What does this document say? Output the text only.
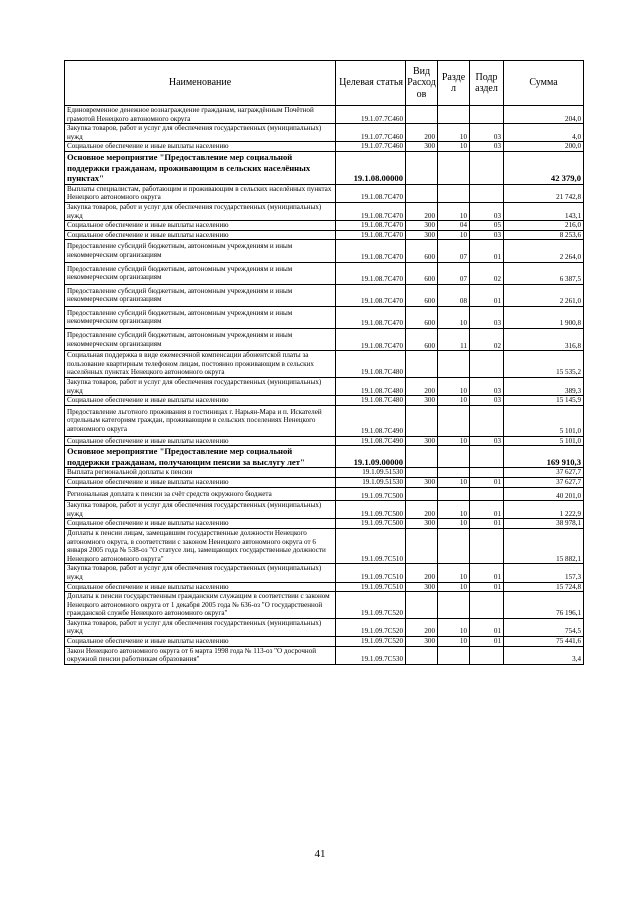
Наименование	Целевая статья	Вид Расход ов	Разде л	Подр аздел	Сумма
Единовременное денежное вознаграждение гражданам, награждённым Почётной грамотой Ненецкого автономного округа	19.1.07.7С460				204,0
Закупка товаров, работ и услуг для обеспечения государственных (муниципальных) нужд	19.1.07.7С460	200	10	03	4,0
Социальное обеспечение и иные выплаты населению	19.1.07.7С460	300	10	03	200,0
Основное мероприятие "Предоставление мер социальной поддержки гражданам, проживающим в сельских населённых пунктах"	19.1.08.00000				42 379,0
Выплаты специалистам, работающим и проживающим в сельских населённых пунктах Ненецкого автономного округа	19.1.08.7С470				21 742,8
Закупка товаров, работ и услуг для обеспечения государственных (муниципальных) нужд	19.1.08.7С470	200	10	03	143,1
Социальное обеспечение и иные выплаты населению	19.1.08.7С470	300	04	05	216,0
Социальное обеспечение и иные выплаты населению	19.1.08.7С470	300	10	03	8 253,6
Предоставление субсидий бюджетным, автономным учреждениям и иным некоммерческим организациям	19.1.08.7С470	600	07	01	2 264,0
Предоставление субсидий бюджетным, автономным учреждениям и иным некоммерческим организациям	19.1.08.7С470	600	07	02	6 387,5
Предоставление субсидий бюджетным, автономным учреждениям и иным некоммерческим организациям	19.1.08.7С470	600	08	01	2 261,0
Предоставление субсидий бюджетным, автономным учреждениям и иным некоммерческим организациям	19.1.08.7С470	600	10	03	1 900,8
Предоставление субсидий бюджетным, автономным учреждениям и иным некоммерческим организациям	19.1.08.7С470	600	11	02	316,8
Социальная поддержка в виде ежемесячной компенсации абонентской платы за пользование квартирным телефоном лицам, постоянно проживающим в сельских населённых пунктах Ненецкого автономного округа	19.1.08.7С480				15 535,2
Закупка товаров, работ и услуг для обеспечения государственных (муниципальных) нужд	19.1.08.7С480	200	10	03	389,3
Социальное обеспечение и иные выплаты населению	19.1.08.7С480	300	10	03	15 145,9
Предоставление льготного проживания в гостиницах г. Нарьян-Мара и п. Искателей отдельным категориям граждан, проживающим в сельских поселениях Ненецкого автономного округа	19.1.08.7С490				5 101,0
Социальное обеспечение и иные выплаты населению	19.1.08.7С490	300	10	03	5 101,0
Основное мероприятие "Предоставление мер социальной поддержки гражданам, получающим пенсии за выслугу лет"	19.1.09.00000				169 910,3
Выплата региональной доплаты к пенсии	19.1.09.51530				37 627,7
Социальное обеспечение и иные выплаты населению	19.1.09.51530	300	10	01	37 627,7
Региональная доплата к пенсии за счёт средств окружного бюджета	19.1.09.7С500				40 201,0
Закупка товаров, работ и услуг для обеспечения государственных (муниципальных) нужд	19.1.09.7С500	200	10	01	1 222,9
Социальное обеспечение и иные выплаты населению	19.1.09.7С500	300	10	01	38 978,1
Доплаты к пенсии лицам, замещавшим государственные должности Ненецкого автономного округа, в соответствии с законом Ненецкого автономного округа от 6 января 2005 года № 538-оз "О статусе лиц, замещающих государственные должности Ненецкого автономного округа"	19.1.09.7С510				15 882,1
Закупка товаров, работ и услуг для обеспечения государственных (муниципальных) нужд	19.1.09.7С510	200	10	01	157,3
Социальное обеспечение и иные выплаты населению	19.1.09.7С510	300	10	01	15 724,8
Доплаты к пенсии государственным гражданским служащим в соответствии с законом Ненецкого автономного округа от 1 декабря 2005 года № 636-оз "О государственной гражданской службе Ненецкого автономного округа"	19.1.09.7С520				76 196,1
Закупка товаров, работ и услуг для обеспечения государственных (муниципальных) нужд	19.1.09.7С520	200	10	01	754,5
Социальное обеспечение и иные выплаты населению	19.1.09.7С520	300	10	01	75 441,6
Закон Ненецкого автономного округа от 6 марта 1998 года № 113-оз "О досрочной окружной пенсии работникам образования"	19.1.09.7С530				3,4
41
